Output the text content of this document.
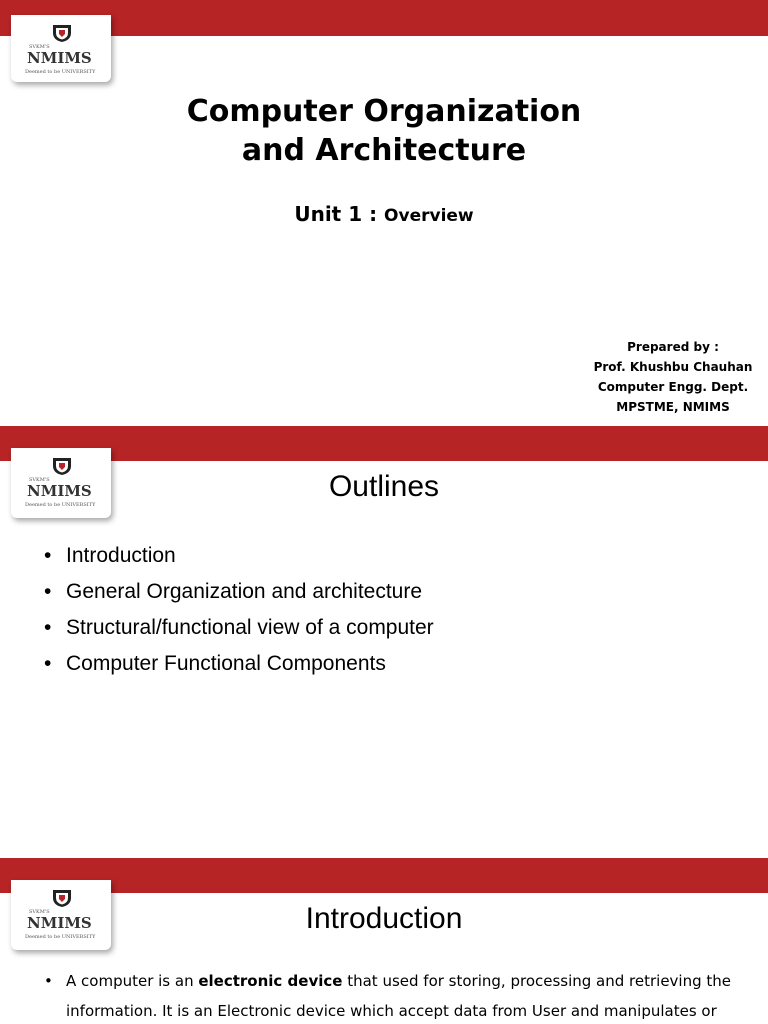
SVKM'S
NMIMS
Deemed to be UNIVERSITY
Computer Organization
and Architecture
Unit 1 : Overview
Prepared by :
Prof. Khushbu Chauhan
Computer Engg. Dept.
MPSTME, NMIMS
SVKM'S
NMIMS
Deemed to be UNIVERSITY
Outlines
• Introduction
• General Organization and architecture
• Structural/functional view of a computer
• Computer Functional Components
SVKM'S
NMIMS
Deemed to be UNIVERSITY
Introduction
• A computer is an electronic device that used for storing, processing and retrieving the information. It is an Electronic device which accept data from User and manipulates or
